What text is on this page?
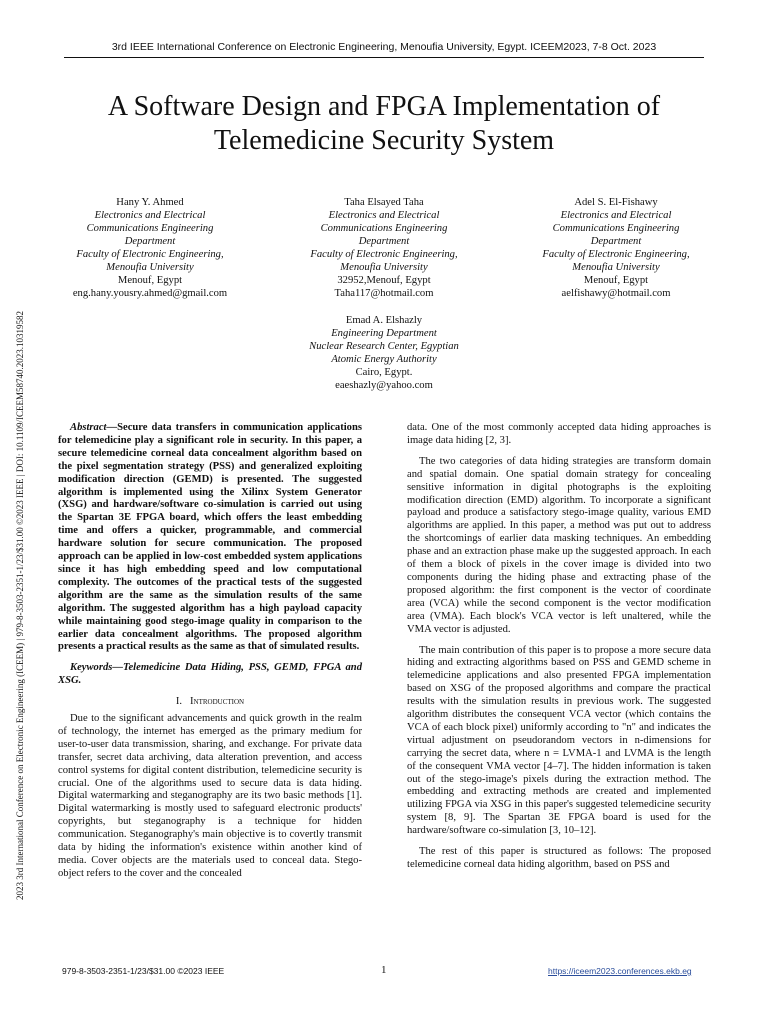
3rd IEEE International Conference on Electronic Engineering, Menoufia University, Egypt. ICEEM2023, 7-8 Oct. 2023
2023 3rd International Conference on Electronic Engineering (ICEEM) | 979-8-3503-2351-1/23/$31.00 ©2023 IEEE | DOI: 10.1109/ICEEM58740.2023.10319582
A Software Design and FPGA Implementation of Telemedicine Security System
Hany Y. Ahmed
Electronics and Electrical
Communications Engineering
Department
Faculty of Electronic Engineering,
Menoufia University
Menouf, Egypt
eng.hany.yousry.ahmed@gmail.com
Taha Elsayed Taha
Electronics and Electrical
Communications Engineering
Department
Faculty of Electronic Engineering,
Menoufia University
32952,Menouf, Egypt
Taha117@hotmail.com
Adel S. El-Fishawy
Electronics and Electrical
Communications Engineering
Department
Faculty of Electronic Engineering,
Menoufia University
Menouf, Egypt
aelfishawy@hotmail.com
Emad A. Elshazly
Engineering Department
Nuclear Research Center, Egyptian
Atomic Energy Authority
Cairo, Egypt.
eaeshazly@yahoo.com

Abstract—Secure data transfers in communication applications for telemedicine play a significant role in security. In this paper, a secure telemedicine corneal data concealment algorithm based on the pixel segmentation strategy (PSS) and generalized exploiting modification direction (GEMD) is presented. The suggested algorithm is implemented using the Xilinx System Generator (XSG) and hardware/software co-simulation is carried out using the Spartan 3E FPGA board, which offers the least embedding time and offers a quicker, programmable, and commercial hardware solution for secure communication. The proposed approach can be applied in low-cost embedded system applications since it has high embedding speed and low computational complexity. The outcomes of the practical tests of the suggested algorithm are the same as the simulation results of the same algorithm. The suggested algorithm has a high payload capacity while maintaining good stego-image quality in comparison to the earlier data concealment algorithms. The proposed algorithm presents a practical results as the same as that of simulated results.

Keywords—Telemedicine Data Hiding, PSS, GEMD, FPGA and XSG.

I. Introduction

Due to the significant advancements and quick growth in the realm of technology, the internet has emerged as the primary medium for user-to-user data transmission, sharing, and exchange. For private data transfer, secret data archiving, data alteration prevention, and access control systems for digital content distribution, telemedicine security is crucial. One of the algorithms used to secure data is data hiding. Digital watermarking and steganography are its two basic methods [1]. Digital watermarking is mostly used to safeguard electronic products' copyrights, but steganography is a technique for hidden communication. Steganography's main objective is to covertly transmit data by hiding the information's existence within another kind of media. Cover objects are the materials used to conceal data. Stego-object refers to the cover and the concealed

data. One of the most commonly accepted data hiding approaches is image data hiding [2, 3].

The two categories of data hiding strategies are transform domain and spatial domain. One spatial domain strategy for concealing sensitive information in digital photographs is the exploiting modification direction (EMD) algorithm. To incorporate a significant payload and produce a satisfactory stego-image quality, various EMD algorithms are applied. In this paper, a method was put out to address the shortcomings of earlier data masking techniques. An embedding phase and an extraction phase make up the suggested approach. In each of them a block of pixels in the cover image is divided into two components during the hiding phase and extracting phase of the proposed algorithm: the first component is the vector of coordinate area (VCA) while the second component is the vector modification area (VMA). Each block's VCA vector is left unaltered, while the VMA vector is adjusted.

The main contribution of this paper is to propose a more secure data hiding and extracting algorithms based on PSS and GEMD scheme in telemedicine applications and also presented FPGA implementation based on XSG of the proposed algorithms and compare the practical results with the simulation results in previous work. The suggested algorithm distributes the consequent VCA vector (which contains the VCA of each block pixel) uniformly according to "n" and indicates the virtual adjustment on pseudorandom vectors in n-dimensions for carrying the secret data, where n = LVMA-1 and LVMA is the length of the consequent VMA vector [4–7]. The hidden information is taken out of the stego-image's pixels during the extraction method. The embedding and extracting methods are created and implemented utilizing FPGA via XSG in this paper's suggested telemedicine security system [8, 9]. The Spartan 3E FPGA board is used for the hardware/software co-simulation [3, 10–12].

The rest of this paper is structured as follows: The proposed telemedicine corneal data hiding algorithm, based on PSS and

979-8-3503-2351-1/23/$31.00 ©2023 IEEE	1	https://iceem2023.conferences.ekb.eg
